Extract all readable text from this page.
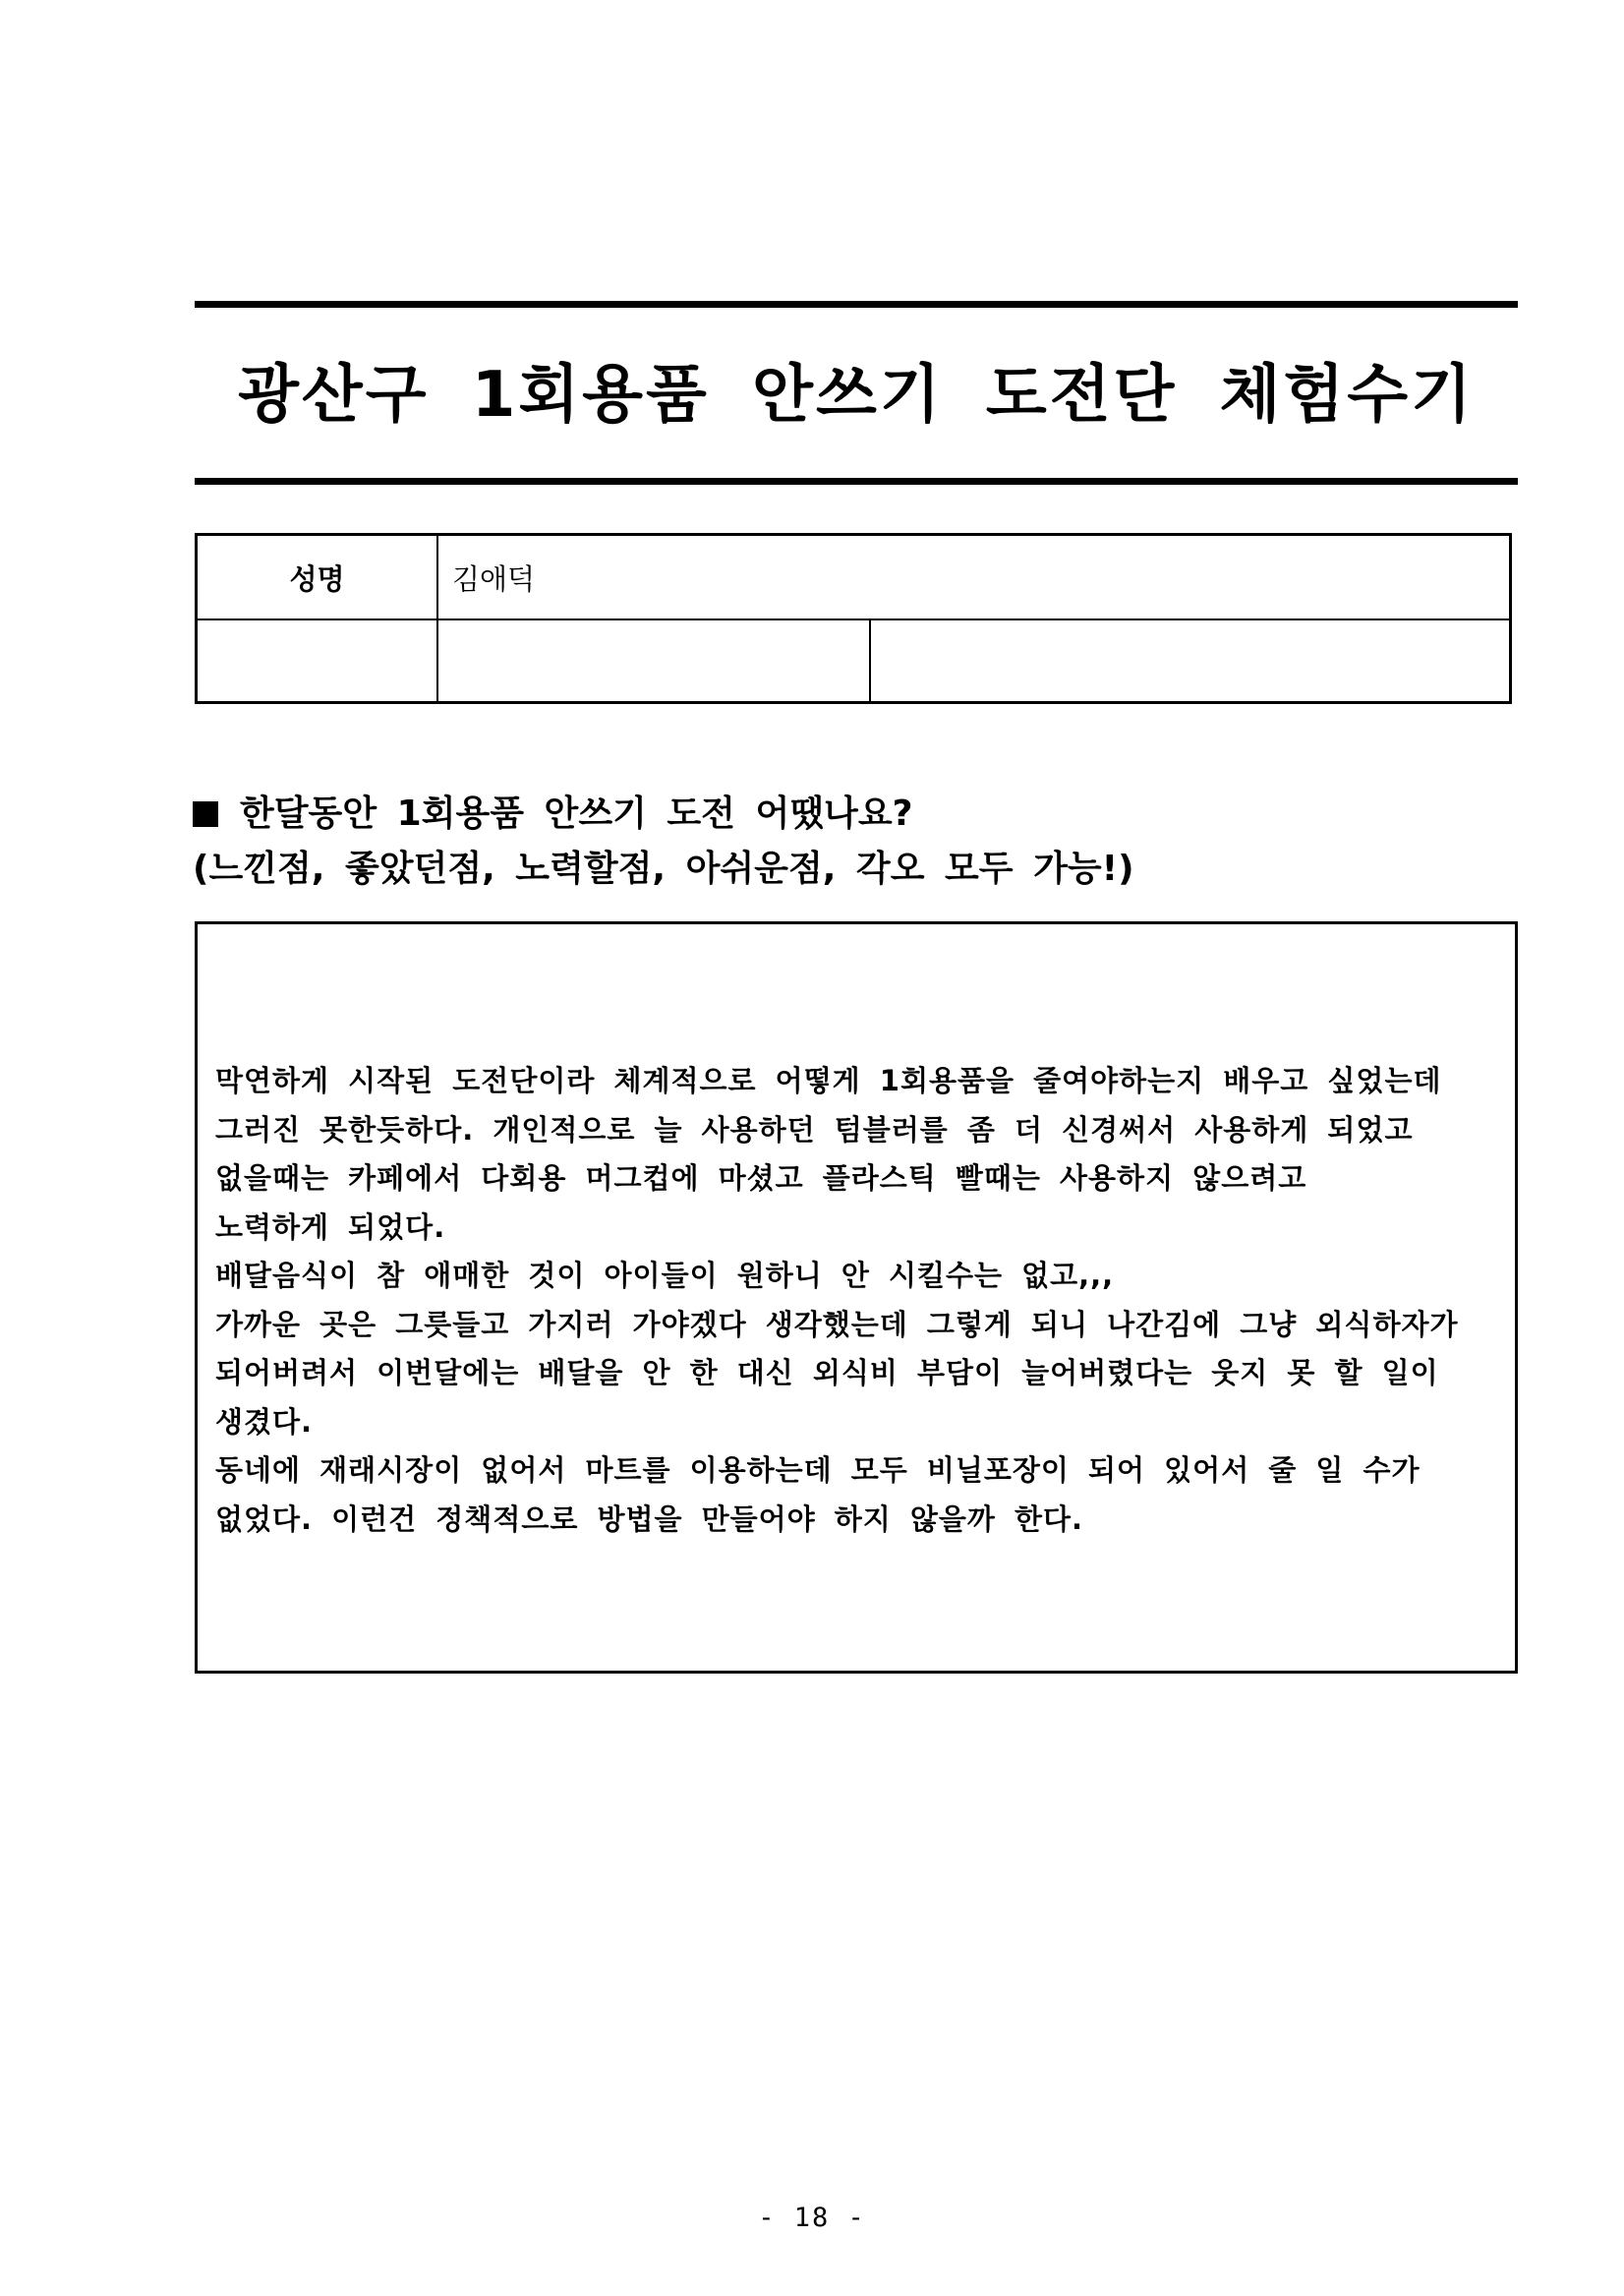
광산구 1회용품 안쓰기 도전단 체험수기
성명	김애덕
한달동안 1회용품 안쓰기 도전 어땠나요?
(느낀점, 좋았던점, 노력할점, 아쉬운점, 각오 모두 가능!)
막연하게 시작된 도전단이라 체계적으로 어떻게 1회용품을 줄여야하는지 배우고 싶었는데
그러진 못한듯하다. 개인적으로 늘 사용하던 텀블러를 좀 더 신경써서 사용하게 되었고
없을때는 카페에서 다회용 머그컵에 마셨고 플라스틱 빨때는 사용하지 않으려고
노력하게 되었다.
배달음식이 참 애매한 것이 아이들이 원하니 안 시킬수는 없고,,,
가까운 곳은 그릇들고 가지러 가야겠다 생각했는데 그렇게 되니 나간김에 그냥 외식하자가
되어버려서 이번달에는 배달을 안 한 대신 외식비 부담이 늘어버렸다는 웃지 못 할 일이
생겼다.
동네에 재래시장이 없어서 마트를 이용하는데 모두 비닐포장이 되어 있어서 줄 일 수가
없었다. 이런건 정책적으로 방법을 만들어야 하지 않을까 한다.
- 18 -
